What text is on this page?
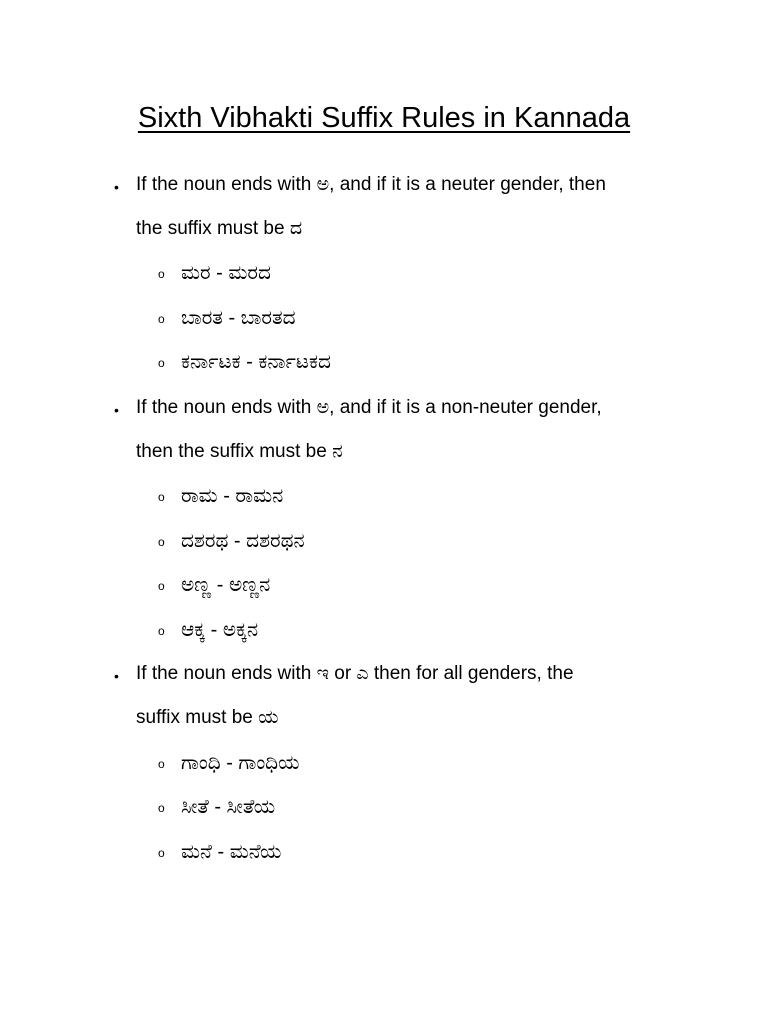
Sixth Vibhakti Suffix Rules in Kannada
• If the noun ends with ಅ, and if it is a neuter gender, then
the suffix must be ದ
o ಮರ - ಮರದ
o ಬಾರತ - ಬಾರತದ
o ಕರ್ನಾಟಕ - ಕರ್ನಾಟಕದ
• If the noun ends with ಅ, and if it is a non-neuter gender,
then the suffix must be ನ
o ರಾಮ - ರಾಮನ
o ದಶರಥ - ದಶರಥನ
o ಅಣ್ಣ - ಅಣ್ಣನ
o ಆಕ್ಕ - ಅಕ್ಕನ
• If the noun ends with ಇ or ಎ then for all genders, the
suffix must be ಯ
o ಗಾಂಧಿ - ಗಾಂಧಿಯ
o ಸೀತೆ - ಸೀತೆಯ
o ಮನೆ - ಮನೆಯ
